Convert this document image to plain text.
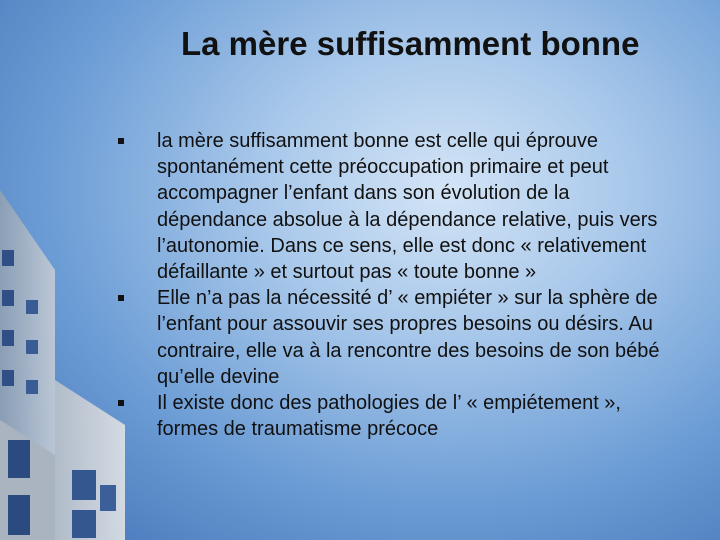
La mère suffisamment bonne
la mère suffisamment bonne est celle qui éprouve spontanément cette préoccupation primaire et peut accompagner l’enfant dans son évolution de la dépendance absolue à la dépendance relative, puis vers l’autonomie. Dans ce sens, elle est donc « relativement défaillante » et surtout pas « toute bonne »
Elle n’a pas la nécessité d’ « empiéter » sur la sphère de l’enfant pour assouvir ses propres besoins ou désirs. Au contraire, elle va à la rencontre des besoins de son bébé qu’elle devine
Il existe donc des pathologies de l’ « empiétement », formes de traumatisme précoce
